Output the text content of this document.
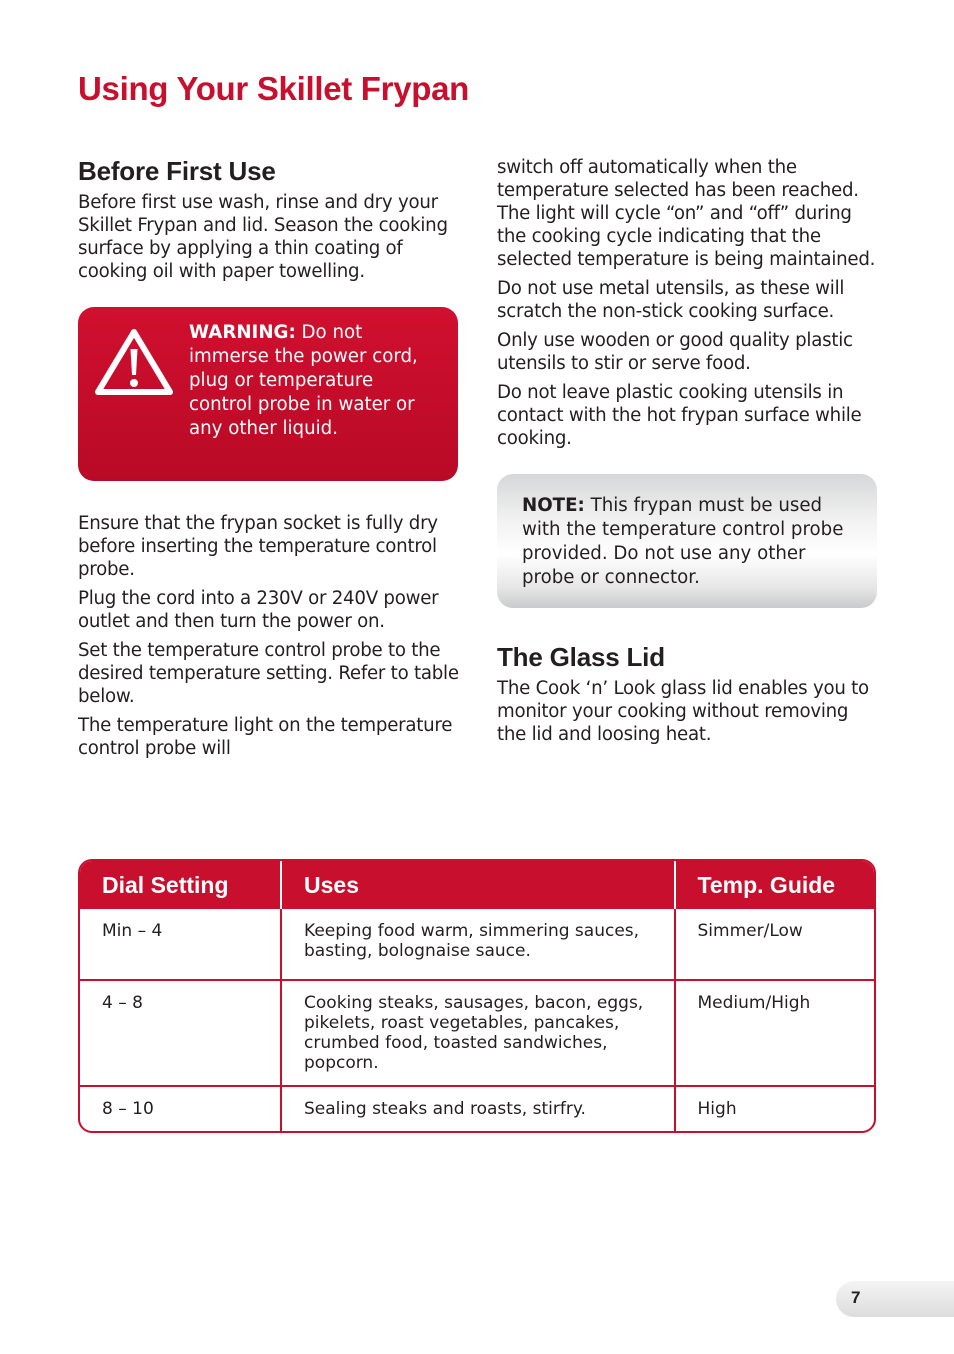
Using Your Skillet Frypan
Before First Use

Before first use wash, rinse and dry your Skillet Frypan and lid. Season the cooking surface by applying a thin coating of cooking oil with paper towelling.

WARNING: Do not immerse the power cord, plug or temperature control probe in water or any other liquid.

Ensure that the frypan socket is fully dry before inserting the temperature control probe.

Plug the cord into a 230V or 240V power outlet and then turn the power on.

Set the temperature control probe to the desired temperature setting. Refer to table below.

The temperature light on the temperature control probe will

switch off automatically when the temperature selected has been reached. The light will cycle “on” and “off” during the cooking cycle indicating that the selected temperature is being maintained.

Do not use metal utensils, as these will scratch the non-stick cooking surface.

Only use wooden or good quality plastic utensils to stir or serve food.

Do not leave plastic cooking utensils in contact with the hot frypan surface while cooking.

NOTE: This frypan must be used with the temperature control probe provided. Do not use any other probe or connector.
The Glass Lid

The Cook ‘n’ Look glass lid enables you to monitor your cooking without removing the lid and loosing heat.

Dial Setting	Uses	Temp. Guide
Min – 4	Keeping food warm, simmering sauces, basting, bolognaise sauce.	Simmer/Low
4 – 8	Cooking steaks, sausages, bacon, eggs, pikelets, roast vegetables, pancakes, crumbed food, toasted sandwiches, popcorn.	Medium/High
8 – 10	Sealing steaks and roasts, stirfry.	High
7
